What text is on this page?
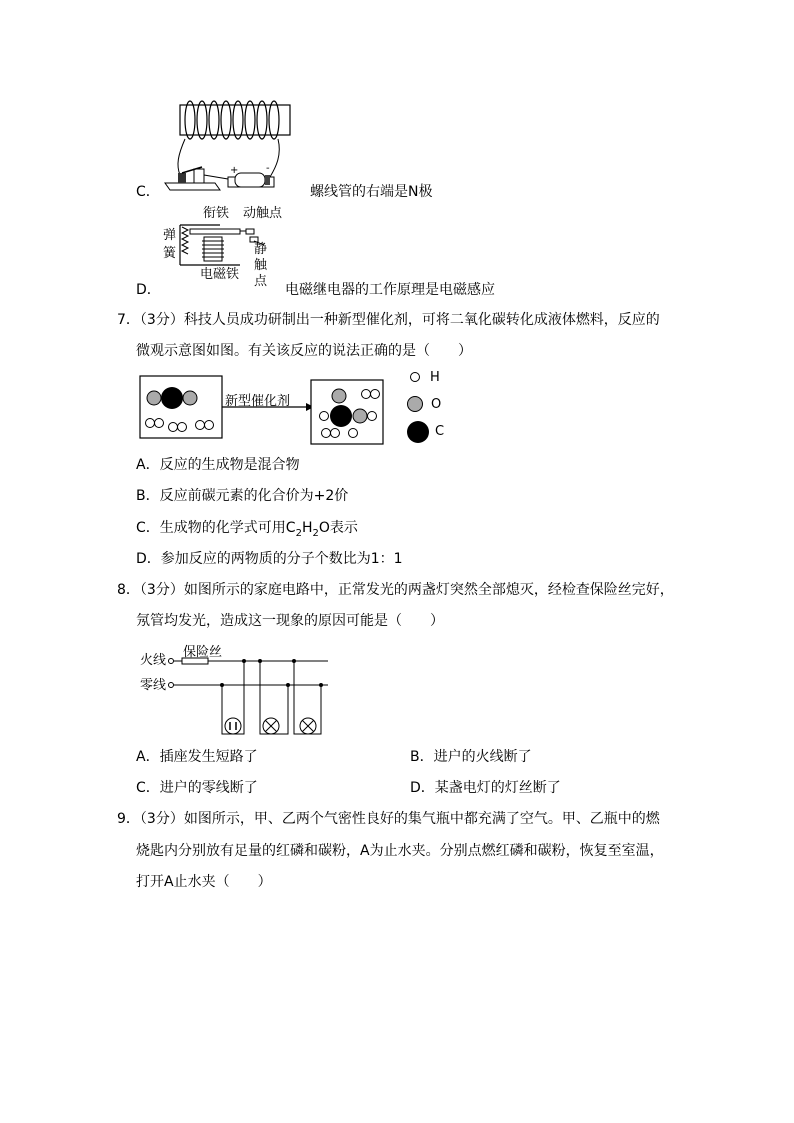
+	-
C．	螺线管的右端是N极
衔铁 动触点
弹
簧
电磁铁
静
触
点
D．	电磁继电器的工作原理是电磁感应
7．（3分）科技人员成功研制出一种新型催化剂，可将二氧化碳转化成液体燃料，反应的
微观示意图如图。有关该反应的说法正确的是（　　）
新型催化剂
H
O
C
A．反应的生成物是混合物
B．反应前碳元素的化合价为+2价
C．生成物的化学式可用$C_2H_2O$表示
D．参加反应的两物质的分子个数比为1：1
8．（3分）如图所示的家庭电路中，正常发光的两盏灯突然全部熄灭，经检查保险丝完好，
氖管均发光，造成这一现象的原因可能是（　　）
火线
零线
保险丝
A．插座发生短路了	B．进户的火线断了
C．进户的零线断了	D．某盏电灯的灯丝断了
9．（3分）如图所示，甲、乙两个气密性良好的集气瓶中都充满了空气。甲、乙瓶中的燃
烧匙内分别放有足量的红磷和碳粉，A为止水夹。分别点燃红磷和碳粉，恢复至室温，
打开A止水夹（　　）
